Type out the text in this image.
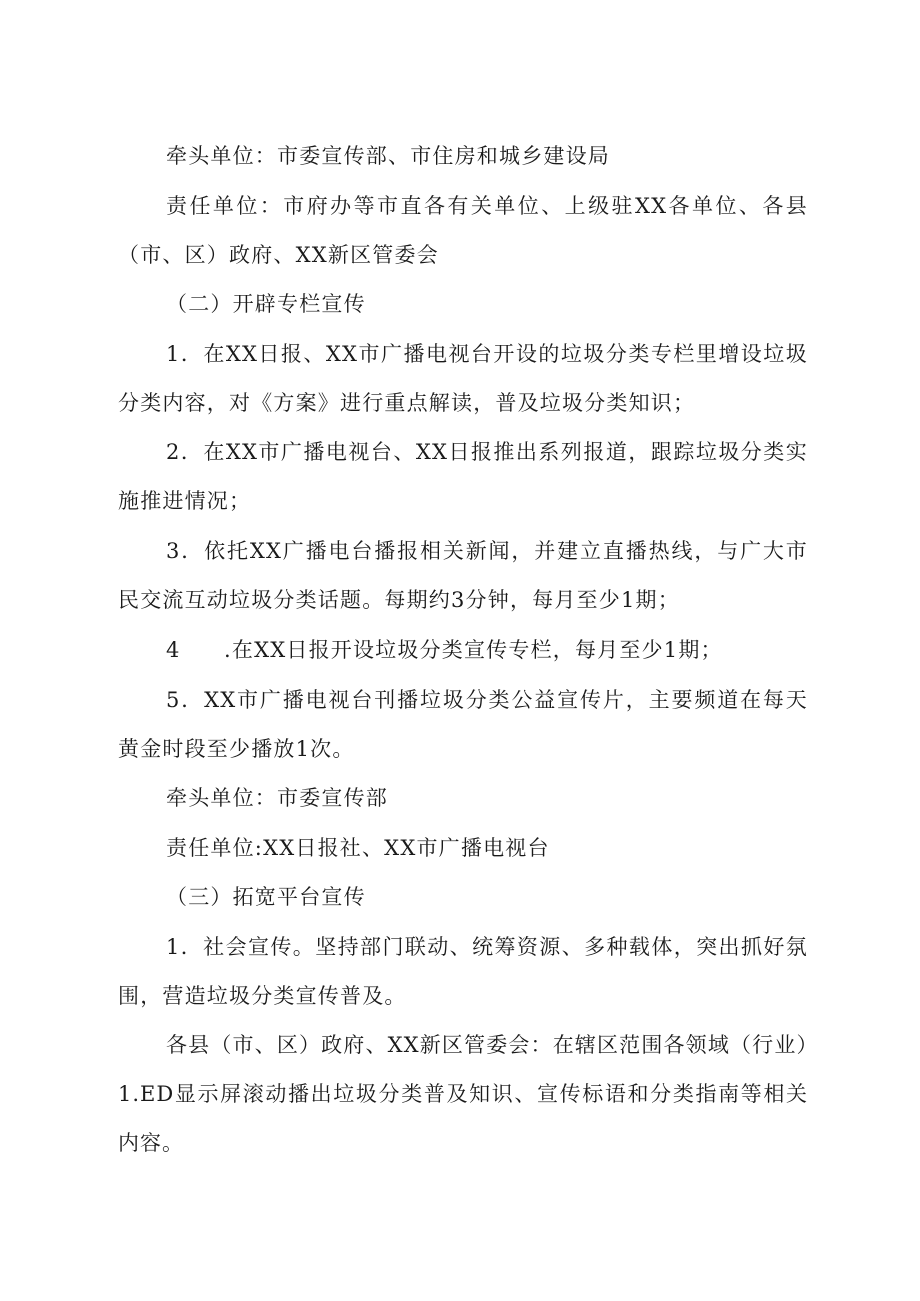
牵头单位：市委宣传部、市住房和城乡建设局

责任单位：市府办等市直各有关单位、上级驻XX各单位、各县（市、区）政府、XX新区管委会

（二）开辟专栏宣传

1．在XX日报、XX市广播电视台开设的垃圾分类专栏里增设垃圾分类内容，对《方案》进行重点解读，普及垃圾分类知识；

2．在XX市广播电视台、XX日报推出系列报道，跟踪垃圾分类实施推进情况；

3．依托XX广播电台播报相关新闻，并建立直播热线，与广大市民交流互动垃圾分类话题。每期约3分钟，每月至少1期；

4 .在XX日报开设垃圾分类宣传专栏，每月至少1期；

5．XX市广播电视台刊播垃圾分类公益宣传片，主要频道在每天黄金时段至少播放1次。

牵头单位：市委宣传部

责任单位:XX日报社、XX市广播电视台

（三）拓宽平台宣传

1．社会宣传。坚持部门联动、统筹资源、多种载体，突出抓好氛围，营造垃圾分类宣传普及。

各县（市、区）政府、XX新区管委会：在辖区范围各领域（行业）1.ED显示屏滚动播出垃圾分类普及知识、宣传标语和分类指南等相关内容。
